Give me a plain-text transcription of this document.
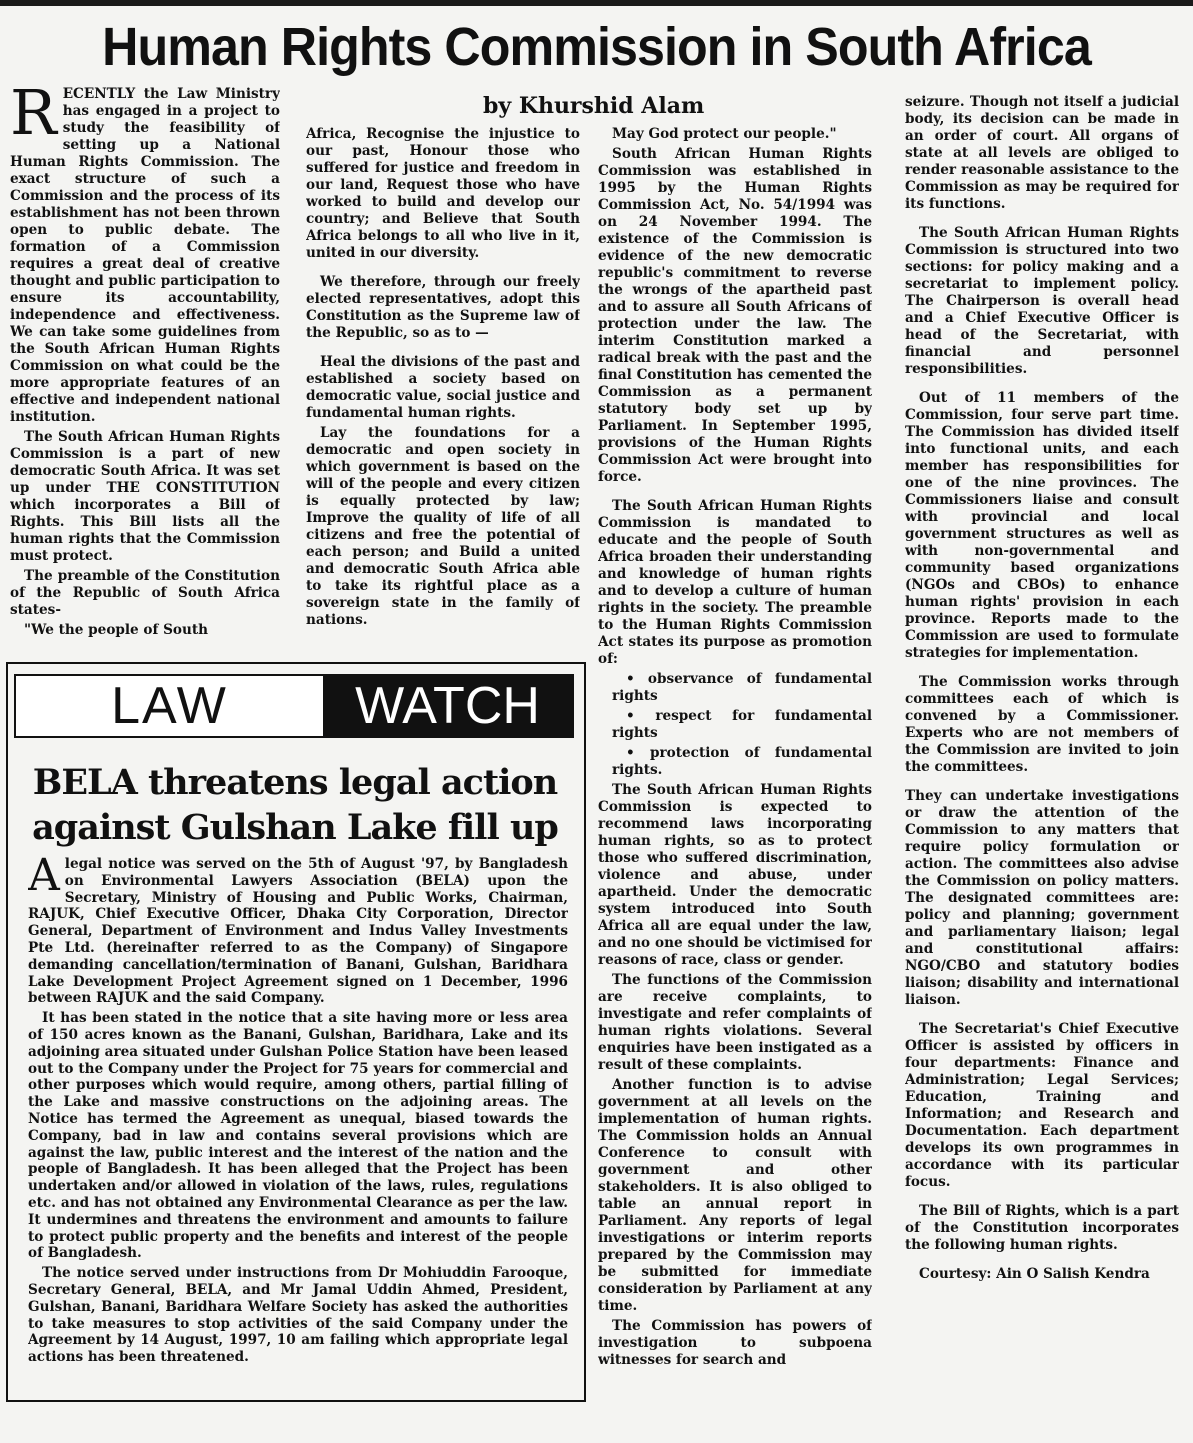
Human Rights Commission in South Africa
by Khurshid Alam

RECENTLY the Law Ministry has engaged in a project to study the feasibility of setting up a National Human Rights Commission. The exact structure of such a Commission and the process of its establishment has not been thrown open to public debate. The formation of a Commission requires a great deal of creative thought and public participation to ensure its accountability, independence and effectiveness. We can take some guidelines from the South African Human Rights Commission on what could be the more appropriate features of an effective and independent national institution.

The South African Human Rights Commission is a part of new democratic South Africa. It was set up under THE CONSTITUTION which incorporates a Bill of Rights. This Bill lists all the human rights that the Commission must protect.

The preamble of the Constitution of the Republic of South Africa states-

"We the people of South

Africa, Recognise the injustice to our past, Honour those who suffered for justice and freedom in our land, Request those who have worked to build and develop our country; and Believe that South Africa belongs to all who live in it, united in our diversity.

We therefore, through our freely elected representatives, adopt this Constitution as the Supreme law of the Republic, so as to —

Heal the divisions of the past and established a society based on democratic value, social justice and fundamental human rights.

Lay the foundations for a democratic and open society in which government is based on the will of the people and every citizen is equally protected by law; Improve the quality of life of all citizens and free the potential of each person; and Build a united and democratic South Africa able to take its rightful place as a sovereign state in the family of nations.

May God protect our people."

South African Human Rights Commission was established in 1995 by the Human Rights Commission Act, No. 54/1994 was on 24 November 1994. The existence of the Commission is evidence of the new democratic republic's commitment to reverse the wrongs of the apartheid past and to assure all South Africans of protection under the law. The interim Constitution marked a radical break with the past and the final Constitution has cemented the Commission as a permanent statutory body set up by Parliament. In September 1995, provisions of the Human Rights Commission Act were brought into force.

The South African Human Rights Commission is mandated to educate and the people of South Africa broaden their understanding and knowledge of human rights and to develop a culture of human rights in the society. The preamble to the Human Rights Commission Act states its purpose as promotion of:

• observance of fundamental rights

• respect for fundamental rights

• protection of fundamental rights.

The South African Human Rights Commission is expected to recommend laws incorporating human rights, so as to protect those who suffered discrimination, violence and abuse, under apartheid. Under the democratic system introduced into South Africa all are equal under the law, and no one should be victimised for reasons of race, class or gender.

The functions of the Commission are receive complaints, to investigate and refer complaints of human rights violations. Several enquiries have been instigated as a result of these complaints.

Another function is to advise government at all levels on the implementation of human rights. The Commission holds an Annual Conference to consult with government and other stakeholders. It is also obliged to table an annual report in Parliament. Any reports of legal investigations or interim reports prepared by the Commission may be submitted for immediate consideration by Parliament at any time.

The Commission has powers of investigation to subpoena witnesses for search and

seizure. Though not itself a judicial body, its decision can be made in an order of court. All organs of state at all levels are obliged to render reasonable assistance to the Commission as may be required for its functions.

The South African Human Rights Commission is structured into two sections: for policy making and a secretariat to implement policy. The Chairperson is overall head and a Chief Executive Officer is head of the Secretariat, with financial and personnel responsibilities.

Out of 11 members of the Commission, four serve part time. The Commission has divided itself into functional units, and each member has responsibilities for one of the nine provinces. The Commissioners liaise and consult with provincial and local government structures as well as with non-governmental and community based organizations (NGOs and CBOs) to enhance human rights' provision in each province. Reports made to the Commission are used to formulate strategies for implementation.

The Commission works through committees each of which is convened by a Commissioner. Experts who are not members of the Commission are invited to join the committees.

They can undertake investigations or draw the attention of the Commission to any matters that require policy formulation or action. The committees also advise the Commission on policy matters. The designated committees are: policy and planning; government and parliamentary liaison; legal and constitutional affairs: NGO/CBO and statutory bodies liaison; disability and international liaison.

The Secretariat's Chief Executive Officer is assisted by officers in four departments: Finance and Administration; Legal Services; Education, Training and Information; and Research and Documentation. Each department develops its own programmes in accordance with its particular focus.

The Bill of Rights, which is a part of the Constitution incorporates the following human rights.

Courtesy: Ain O Salish Kendra

LAW	WATCH
BELA threatens legal action against Gulshan Lake fill up

Alegal notice was served on the 5th of August '97, by Bangladesh on Environmental Lawyers Association (BELA) upon the Secretary, Ministry of Housing and Public Works, Chairman, RAJUK, Chief Executive Officer, Dhaka City Corporation, Director General, Department of Environment and Indus Valley Investments Pte Ltd. (hereinafter referred to as the Company) of Singapore demanding cancellation/termination of Banani, Gulshan, Baridhara Lake Development Project Agreement signed on 1 December, 1996 between RAJUK and the said Company.

It has been stated in the notice that a site having more or less area of 150 acres known as the Banani, Gulshan, Baridhara, Lake and its adjoining area situated under Gulshan Police Station have been leased out to the Company under the Project for 75 years for commercial and other purposes which would require, among others, partial filling of the Lake and massive constructions on the adjoining areas. The Notice has termed the Agreement as unequal, biased towards the Company, bad in law and contains several provisions which are against the law, public interest and the interest of the nation and the people of Bangladesh. It has been alleged that the Project has been undertaken and/or allowed in violation of the laws, rules, regulations etc. and has not obtained any Environmental Clearance as per the law. It undermines and threatens the environment and amounts to failure to protect public property and the benefits and interest of the people of Bangladesh.

The notice served under instructions from Dr Mohiuddin Farooque, Secretary General, BELA, and Mr Jamal Uddin Ahmed, President, Gulshan, Banani, Baridhara Welfare Society has asked the authorities to take measures to stop activities of the said Company under the Agreement by 14 August, 1997, 10 am failing which appropriate legal actions has been threatened.
